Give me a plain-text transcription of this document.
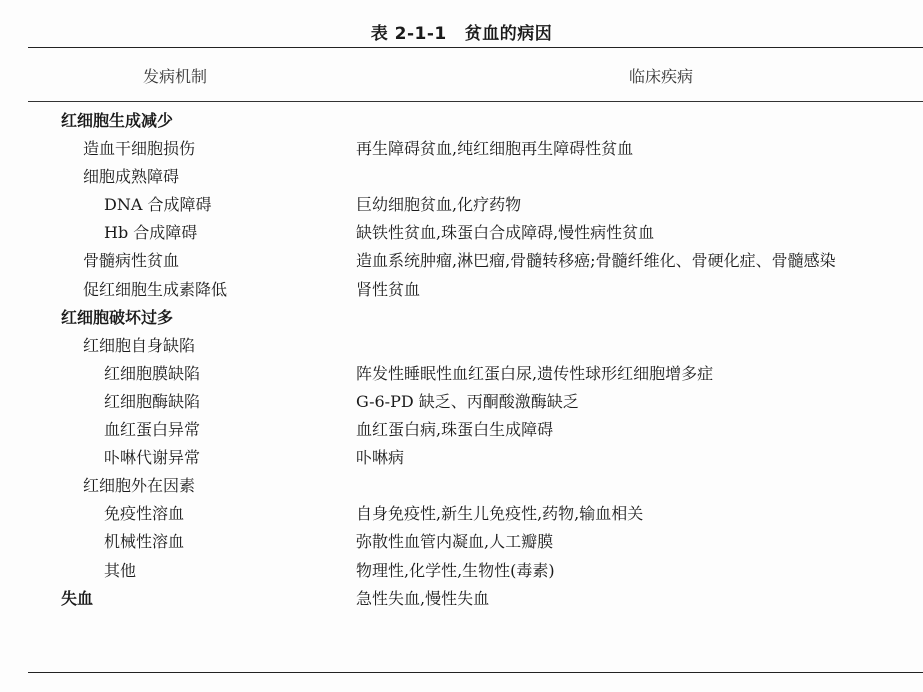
表 2-1-1 贫血的病因
发病机制	临床疾病
红细胞生成减少
造血干细胞损伤	再生障碍贫血,纯红细胞再生障碍性贫血
细胞成熟障碍
DNA 合成障碍	巨幼细胞贫血,化疗药物
Hb 合成障碍	缺铁性贫血,珠蛋白合成障碍,慢性病性贫血
骨髓病性贫血	造血系统肿瘤,淋巴瘤,骨髓转移癌;骨髓纤维化、骨硬化症、骨髓感染
促红细胞生成素降低	肾性贫血
红细胞破坏过多
红细胞自身缺陷
红细胞膜缺陷	阵发性睡眠性血红蛋白尿,遗传性球形红细胞增多症
红细胞酶缺陷	G-6-PD 缺乏、丙酮酸激酶缺乏
血红蛋白异常	血红蛋白病,珠蛋白生成障碍
卟啉代谢异常	卟啉病
红细胞外在因素
免疫性溶血	自身免疫性,新生儿免疫性,药物,输血相关
机械性溶血	弥散性血管内凝血,人工瓣膜
其他	物理性,化学性,生物性(毒素)
失血	急性失血,慢性失血
